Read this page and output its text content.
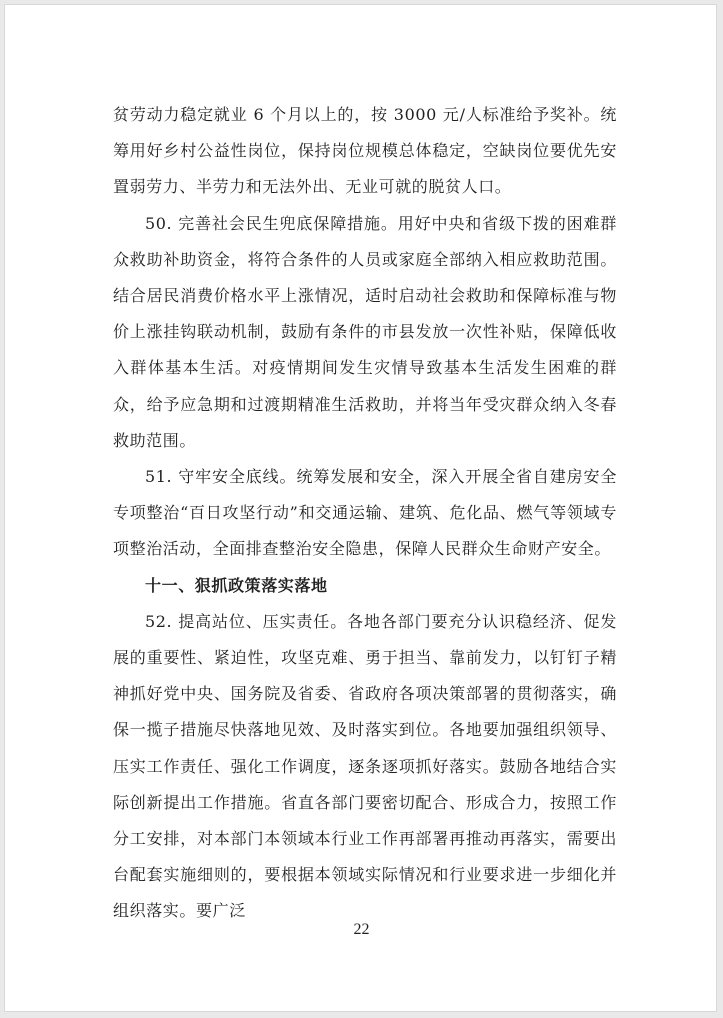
贫劳动力稳定就业 6 个月以上的，按 3000 元/人标准给予奖补。统筹用好乡村公益性岗位，保持岗位规模总体稳定，空缺岗位要优先安置弱劳力、半劳力和无法外出、无业可就的脱贫人口。

50. 完善社会民生兜底保障措施。用好中央和省级下拨的困难群众救助补助资金，将符合条件的人员或家庭全部纳入相应救助范围。结合居民消费价格水平上涨情况，适时启动社会救助和保障标准与物价上涨挂钩联动机制，鼓励有条件的市县发放一次性补贴，保障低收入群体基本生活。对疫情期间发生灾情导致基本生活发生困难的群众，给予应急期和过渡期精准生活救助，并将当年受灾群众纳入冬春救助范围。

51. 守牢安全底线。统筹发展和安全，深入开展全省自建房安全专项整治“百日攻坚行动”和交通运输、建筑、危化品、燃气等领域专项整治活动，全面排查整治安全隐患，保障人民群众生命财产安全。

十一、狠抓政策落实落地

52. 提高站位、压实责任。各地各部门要充分认识稳经济、促发展的重要性、紧迫性，攻坚克难、勇于担当、靠前发力，以钉钉子精神抓好党中央、国务院及省委、省政府各项决策部署的贯彻落实，确保一揽子措施尽快落地见效、及时落实到位。各地要加强组织领导、压实工作责任、强化工作调度，逐条逐项抓好落实。鼓励各地结合实际创新提出工作措施。省直各部门要密切配合、形成合力，按照工作分工安排，对本部门本领域本行业工作再部署再推动再落实，需要出台配套实施细则的，要根据本领域实际情况和行业要求进一步细化并组织落实。要广泛

22
